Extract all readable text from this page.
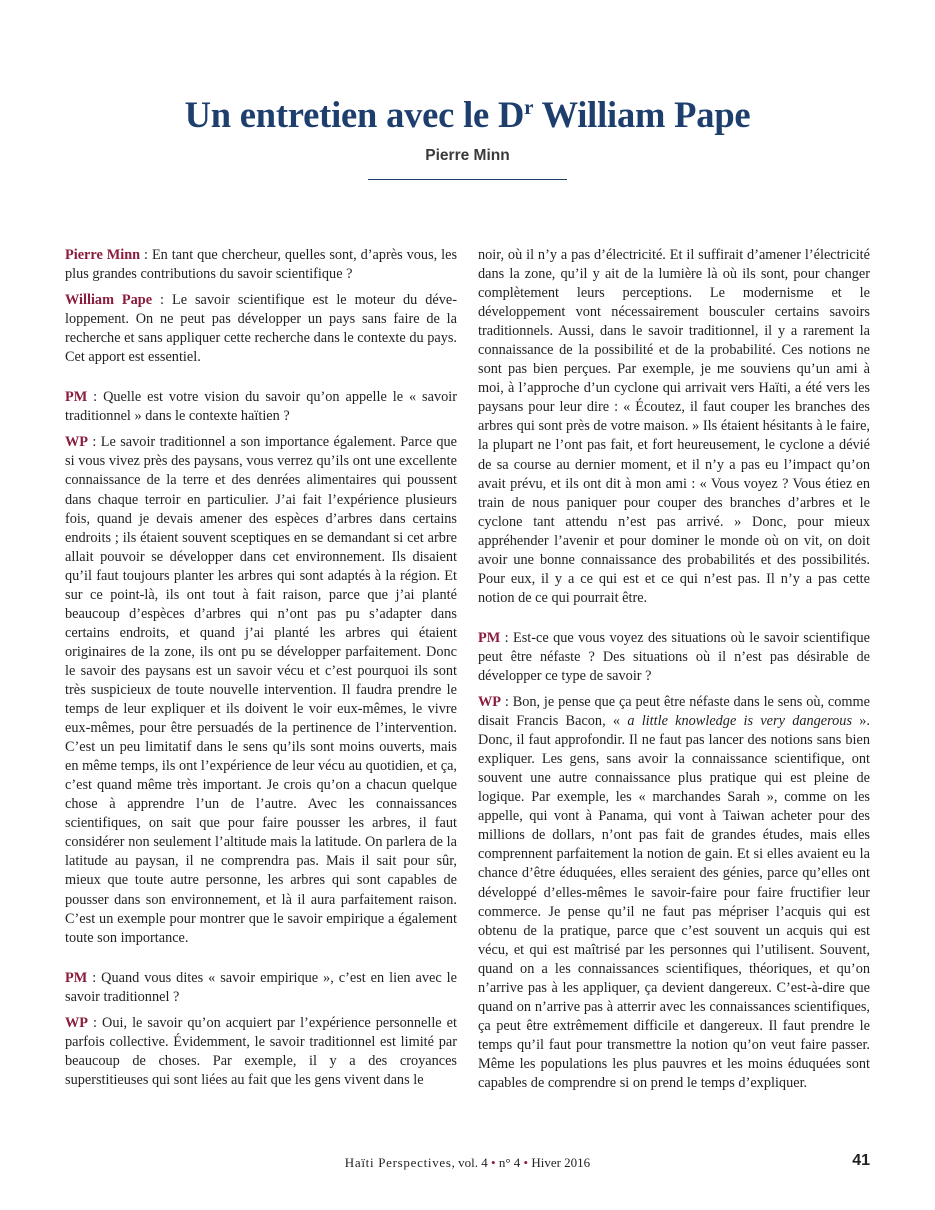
Un entretien avec le $D^r$ William Pape
Pierre Minn

Pierre Minn : En tant que chercheur, quelles sont, d’après vous, les plus grandes contributions du savoir scientifique ?

William Pape : Le savoir scientifique est le moteur du développement. On ne peut pas développer un pays sans faire de la recherche et sans appliquer cette recherche dans le contexte du pays. Cet apport est essentiel.

PM : Quelle est votre vision du savoir qu’on appelle le « savoir traditionnel » dans le contexte haïtien ?

WP : Le savoir traditionnel a son importance également. Parce que si vous vivez près des paysans, vous verrez qu’ils ont une excellente connaissance de la terre et des denrées alimentaires qui poussent dans chaque terroir en particulier. J’ai fait l’expérience plusieurs fois, quand je devais amener des espèces d’arbres dans certains endroits ; ils étaient souvent sceptiques en se demandant si cet arbre allait pouvoir se développer dans cet environnement. Ils disaient qu’il faut toujours planter les arbres qui sont adaptés à la région. Et sur ce point-là, ils ont tout à fait raison, parce que j’ai planté beaucoup d’espèces d’arbres qui n’ont pas pu s’adapter dans certains endroits, et quand j’ai planté les arbres qui étaient originaires de la zone, ils ont pu se développer parfaitement. Donc le savoir des paysans est un savoir vécu et c’est pourquoi ils sont très suspicieux de toute nouvelle intervention. Il faudra prendre le temps de leur expliquer et ils doivent le voir eux-mêmes, le vivre eux-mêmes, pour être persuadés de la pertinence de l’intervention. C’est un peu limitatif dans le sens qu’ils sont moins ouverts, mais en même temps, ils ont l’expérience de leur vécu au quotidien, et ça, c’est quand même très important. Je crois qu’on a chacun quelque chose à apprendre l’un de l’autre. Avec les connaissances scientifiques, on sait que pour faire pousser les arbres, il faut considérer non seulement l’altitude mais la latitude. On parlera de la latitude au paysan, il ne comprendra pas. Mais il sait pour sûr, mieux que toute autre personne, les arbres qui sont capables de pousser dans son environnement, et là il aura parfaitement raison. C’est un exemple pour montrer que le savoir empirique a également toute son importance.

PM : Quand vous dites « savoir empirique », c’est en lien avec le savoir traditionnel ?

WP : Oui, le savoir qu’on acquiert par l’expérience personnelle et parfois collective. Évidemment, le savoir traditionnel est limité par beaucoup de choses. Par exemple, il y a des croyances superstitieuses qui sont liées au fait que les gens vivent dans le

noir, où il n’y a pas d’électricité. Et il suffirait d’amener l’électricité dans la zone, qu’il y ait de la lumière là où ils sont, pour changer complètement leurs perceptions. Le modernisme et le développement vont nécessairement bousculer certains savoirs traditionnels. Aussi, dans le savoir traditionnel, il y a rarement la connaissance de la possibilité et de la probabilité. Ces notions ne sont pas bien perçues. Par exemple, je me souviens qu’un ami à moi, à l’approche d’un cyclone qui arrivait vers Haïti, a été vers les paysans pour leur dire : « Écoutez, il faut couper les branches des arbres qui sont près de votre maison. » Ils étaient hésitants à le faire, la plupart ne l’ont pas fait, et fort heureusement, le cyclone a dévié de sa course au dernier moment, et il n’y a pas eu l’impact qu’on avait prévu, et ils ont dit à mon ami : « Vous voyez ? Vous étiez en train de nous paniquer pour couper des branches d’arbres et le cyclone tant attendu n’est pas arrivé. » Donc, pour mieux appréhender l’avenir et pour dominer le monde où on vit, on doit avoir une bonne connaissance des probabilités et des possibilités. Pour eux, il y a ce qui est et ce qui n’est pas. Il n’y a pas cette notion de ce qui pourrait être.

PM : Est-ce que vous voyez des situations où le savoir scientifique peut être néfaste ? Des situations où il n’est pas désirable de développer ce type de savoir ?

WP : Bon, je pense que ça peut être néfaste dans le sens où, comme disait Francis Bacon, « a little knowledge is very dangerous ». Donc, il faut approfondir. Il ne faut pas lancer des notions sans bien expliquer. Les gens, sans avoir la connaissance scientifique, ont souvent une autre connaissance plus pratique qui est pleine de logique. Par exemple, les « marchandes Sarah », comme on les appelle, qui vont à Panama, qui vont à Taiwan acheter pour des millions de dollars, n’ont pas fait de grandes études, mais elles comprennent parfaitement la notion de gain. Et si elles avaient eu la chance d’être éduquées, elles seraient des génies, parce qu’elles ont développé d’elles-mêmes le savoir-faire pour faire fructifier leur commerce. Je pense qu’il ne faut pas mépriser l’acquis qui est obtenu de la pratique, parce que c’est souvent un acquis qui est vécu, et qui est maîtrisé par les personnes qui l’utilisent. Souvent, quand on a les connaissances scientifiques, théoriques, et qu’on n’arrive pas à les appliquer, ça devient dangereux. C’est-à-dire que quand on n’arrive pas à atterrir avec les connaissances scientifiques, ça peut être extrêmement difficile et dangereux. Il faut prendre le temps qu’il faut pour transmettre la notion qu’on veut faire passer. Même les populations les plus pauvres et les moins éduquées sont capables de comprendre si on prend le temps d’expliquer.

Haïti Perspectives, vol. 4 • n° 4 • Hiver 2016	41
